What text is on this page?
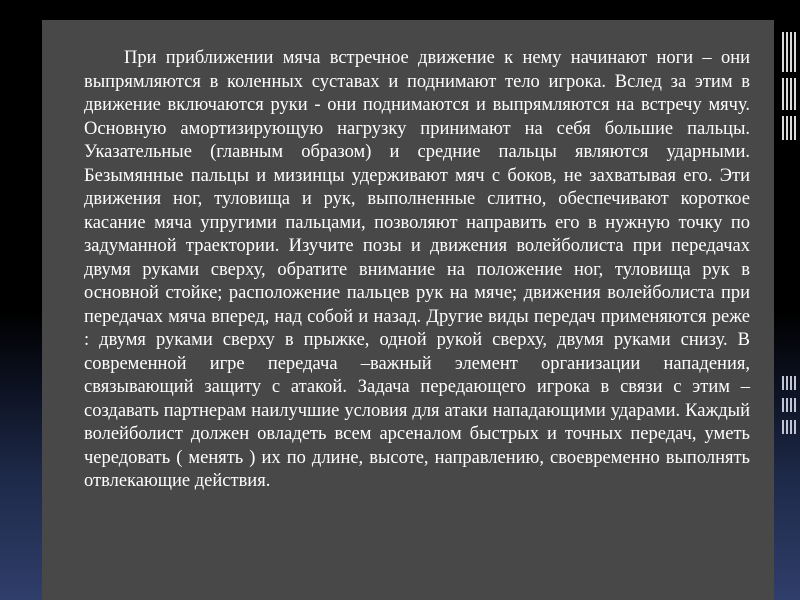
При приближении мяча встречное движение к нему начинают ноги – они выпрямляются в коленных суставах и поднимают тело игрока. Вслед за этим в движение включаются руки - они поднимаются и выпрямляются на встречу мячу. Основную амортизирующую нагрузку принимают на себя большие пальцы. Указательные (главным образом) и средние пальцы являются ударными. Безымянные пальцы и мизинцы удерживают мяч с боков, не захватывая его. Эти движения ног, туловища и рук, выполненные слитно, обеспечивают короткое касание мяча упругими пальцами, позволяют направить его в нужную точку по задуманной траектории. Изучите позы и движения волейболиста при передачах двумя руками сверху, обратите внимание на положение ног, туловища рук в основной стойке; расположение пальцев рук на мяче; движения волейболиста при передачах мяча вперед, над собой и назад. Другие виды передач применяются реже : двумя руками сверху в прыжке, одной рукой сверху, двумя руками снизу. В современной игре передача –важный элемент организации нападения, связывающий защиту с атакой. Задача передающего игрока в связи с этим – создавать партнерам наилучшие условия для атаки нападающими ударами. Каждый волейболист должен овладеть всем арсеналом быстрых и точных передач, уметь чередовать ( менять ) их по длине, высоте, направлению, своевременно выполнять отвлекающие действия.
